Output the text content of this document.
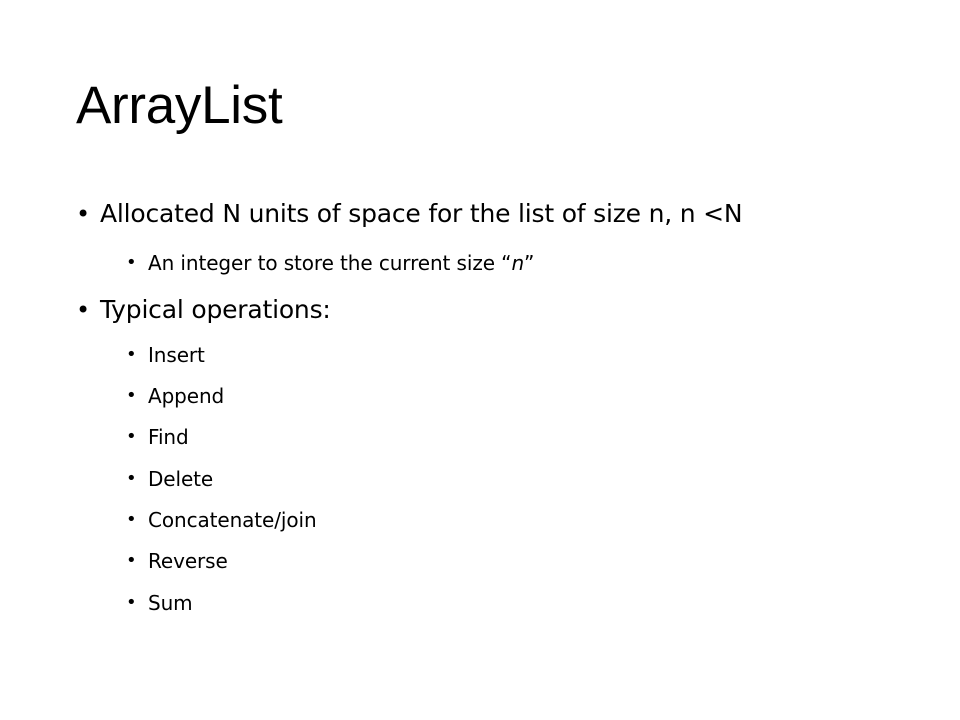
ArrayList
• Allocated N units of space for the list of size n, n <N
• An integer to store the current size “n”
• Typical operations:
• Insert
• Append
• Find
• Delete
• Concatenate/join
• Reverse
• Sum
